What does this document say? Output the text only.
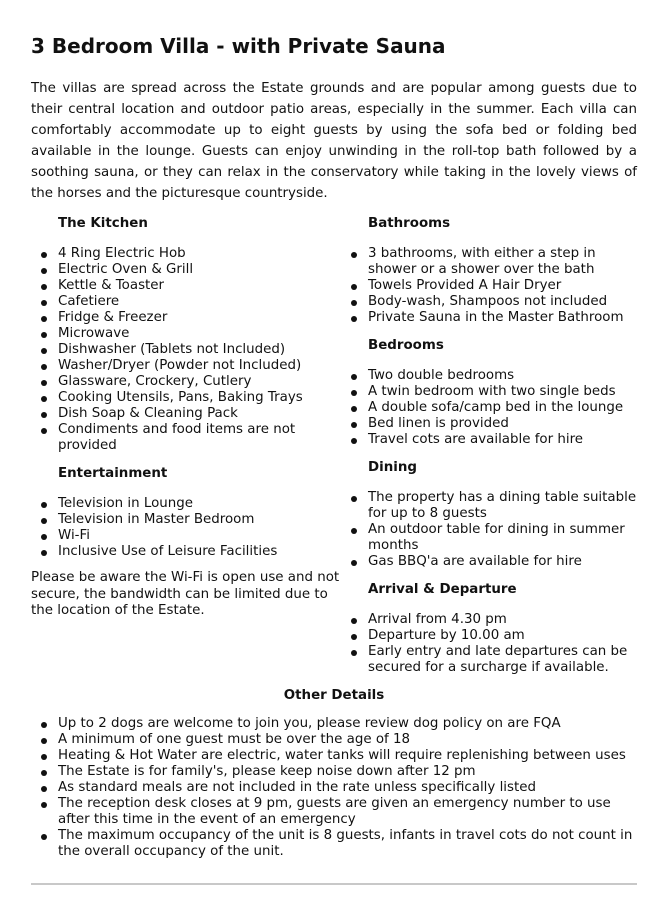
3 Bedroom Villa - with Private Sauna

The villas are spread across the Estate grounds and are popular among guests due to their central location and outdoor patio areas, especially in the summer. Each villa can comfortably accommodate up to eight guests by using the sofa bed or folding bed available in the lounge. Guests can enjoy unwinding in the roll-top bath followed by a soothing sauna, or they can relax in the conservatory while taking in the lovely views of the horses and the picturesque countryside.

The Kitchen
4 Ring Electric Hob
Electric Oven & Grill
Kettle & Toaster
Cafetiere
Fridge & Freezer
Microwave
Dishwasher (Tablets not Included)
Washer/Dryer (Powder not Included)
Glassware, Crockery, Cutlery
Cooking Utensils, Pans, Baking Trays
Dish Soap & Cleaning Pack
Condiments and food items are not provided
Entertainment
Television in Lounge
Television in Master Bedroom
Wi-Fi
Inclusive Use of Leisure Facilities

Please be aware the Wi-Fi is open use and not secure, the bandwidth can be limited due to the location of the Estate.

Bathrooms
3 bathrooms, with either a step in shower or a shower over the bath
Towels Provided A Hair Dryer
Body-wash, Shampoos not included
Private Sauna in the Master Bathroom
Bedrooms
Two double bedrooms
A twin bedroom with two single beds
A double sofa/camp bed in the lounge
Bed linen is provided
Travel cots are available for hire
Dining
The property has a dining table suitable for up to 8 guests
An outdoor table for dining in summer months
Gas BBQ'a are available for hire
Arrival & Departure
Arrival from 4.30 pm
Departure by 10.00 am
Early entry and late departures can be secured for a surcharge if available.
Other Details
Up to 2 dogs are welcome to join you, please review dog policy on are FQA
A minimum of one guest must be over the age of 18
Heating & Hot Water are electric, water tanks will require replenishing between uses
The Estate is for family's, please keep noise down after 12 pm
As standard meals are not included in the rate unless specifically listed
The reception desk closes at 9 pm, guests are given an emergency number to use after this time in the event of an emergency
The maximum occupancy of the unit is 8 guests, infants in travel cots do not count in the overall occupancy of the unit.
